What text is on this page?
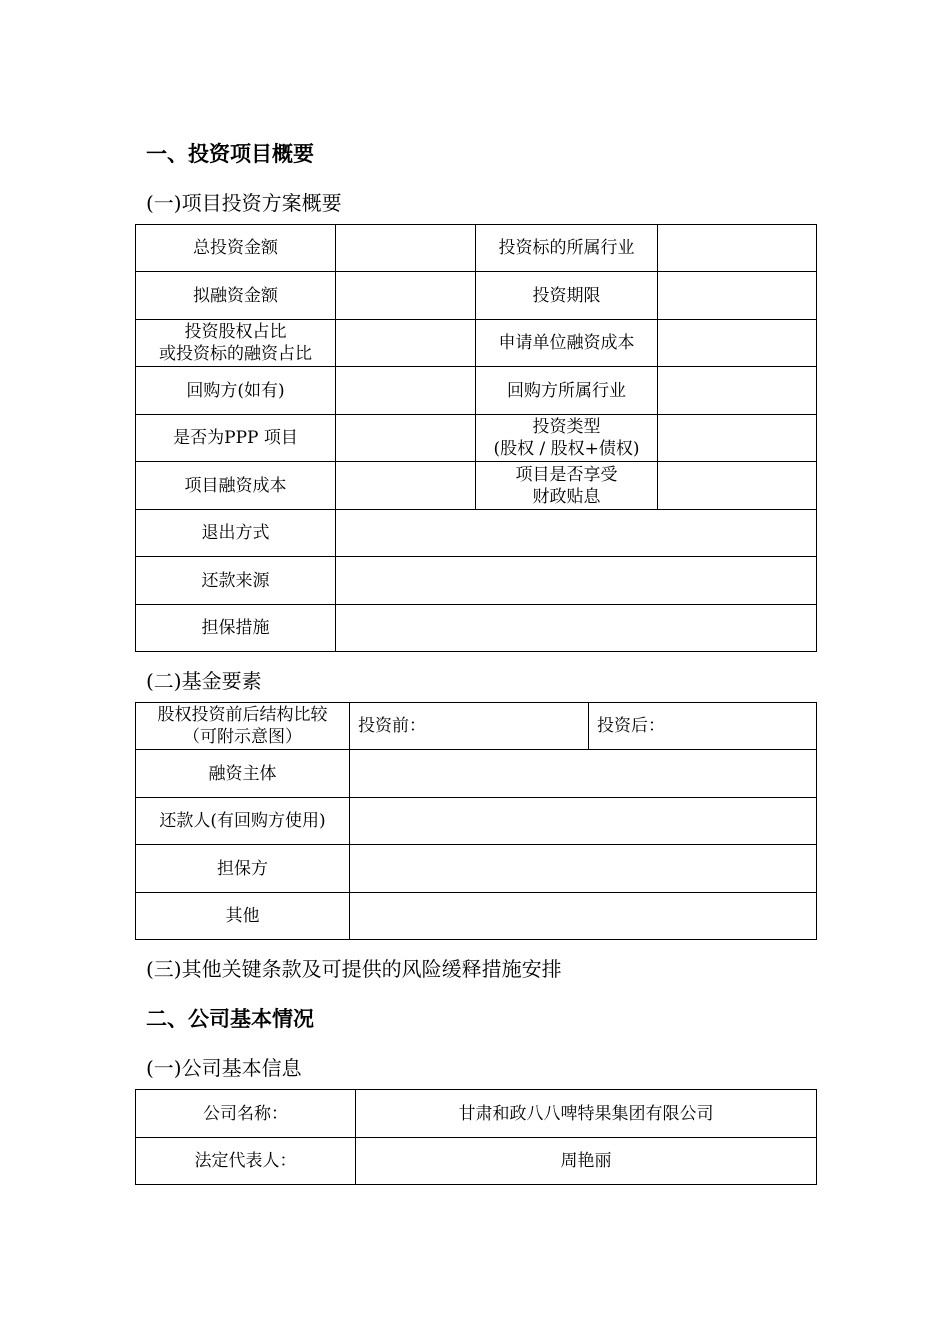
一、投资项目概要
(一)项目投资方案概要
总投资金额		投资标的所属行业	
拟融资金额		投资期限	

投资股权占比
或投资标的融资占比		申请单位融资成本	
回购方(如有)		回购方所属行业	
是否为PPP 项目		投资类型
(股权 / 股权+债权)	

项目融资成本		项目是否享受
财政贴息	

退出方式			
还款来源			
担保措施			
(二)基金要素
股权投资前后结构比较
（可附示意图）	投资前：	投资后：
融资主体		
还款人(有回购方使用)		
担保方		
其他		
(三)其他关键条款及可提供的风险缓释措施安排
二、公司基本情况
(一)公司基本信息
公司名称：	甘肃和政八八啤特果集团有限公司
法定代表人：	周艳丽
